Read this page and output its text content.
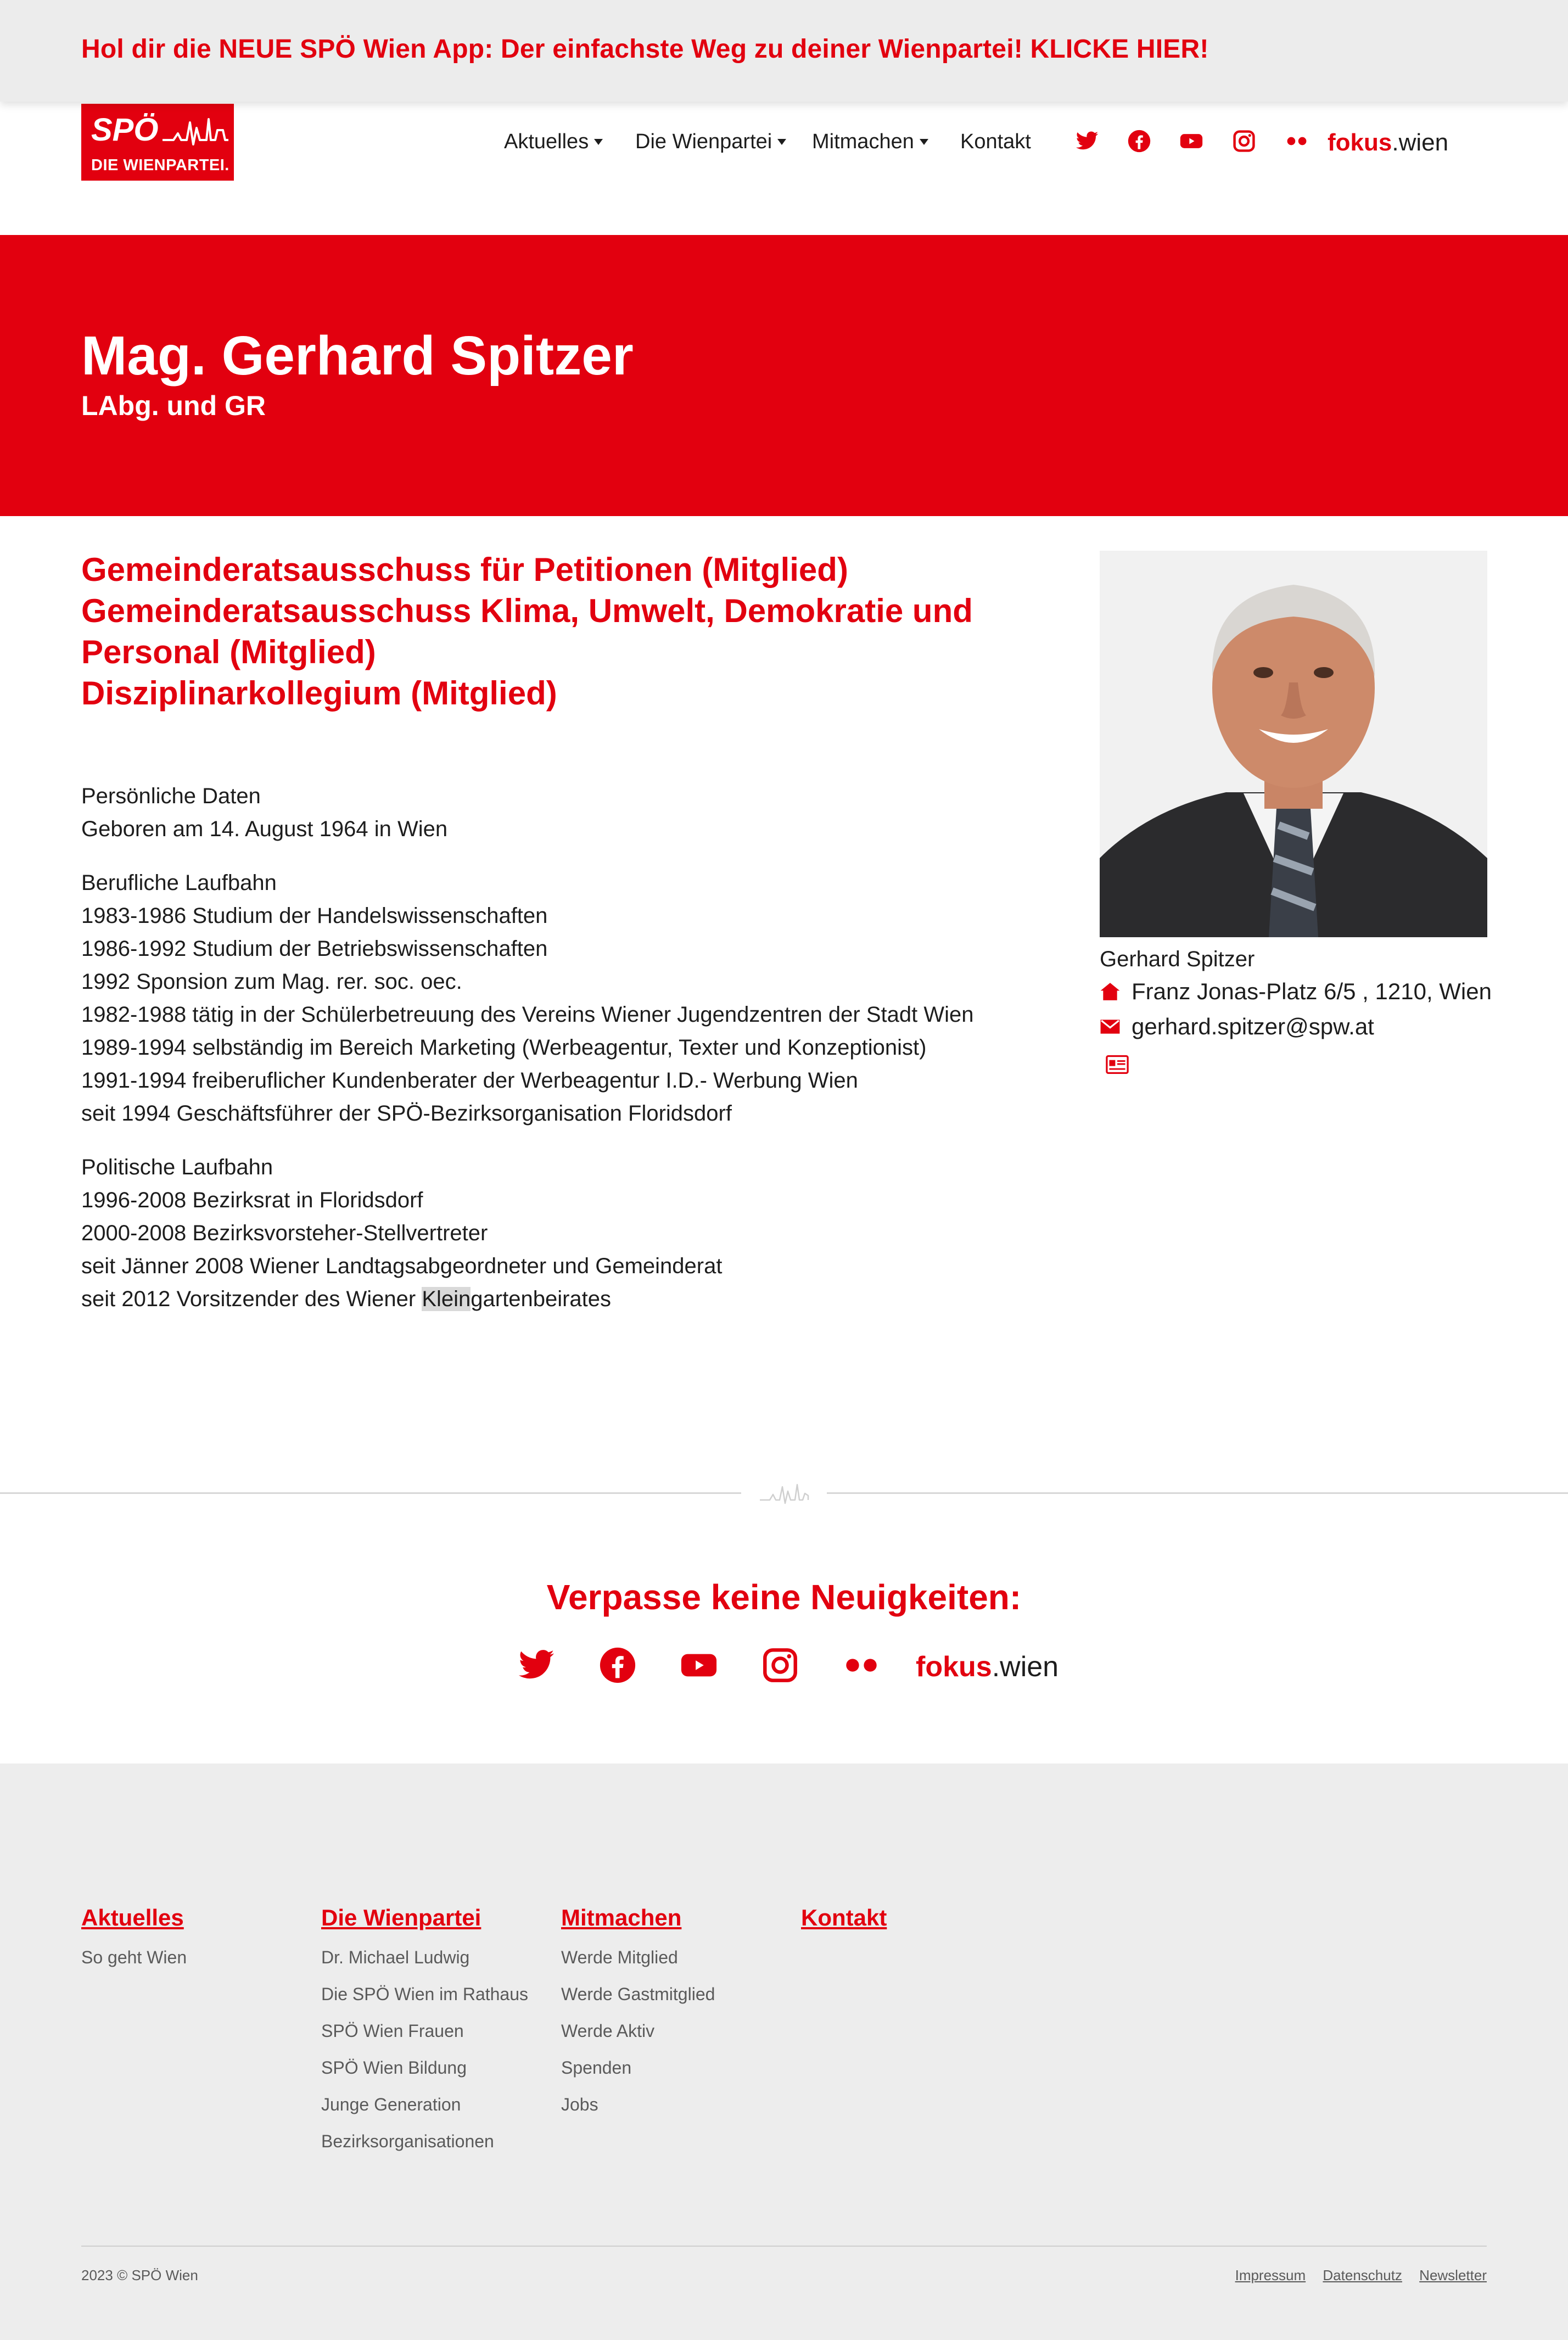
Hol dir die NEUE SPÖ Wien App: Der einfachste Weg zu deiner Wienpartei! KLICKE HIER!
SPÖ
DIE WIENPARTEI.
Aktuelles Die Wienpartei Mitmachen Kontakt	fokus.wien
Mag. Gerhard Spitzer
LAbg. und GR
Gemeinderatsausschuss für Petitionen (Mitglied)
Gemeinderatsausschuss Klima, Umwelt, Demokratie und
Personal (Mitglied)
Disziplinarkollegium (Mitglied)
Persönliche Daten
Geboren am 14. August 1964 in Wien
Berufliche Laufbahn
1983-1986 Studium der Handelswissenschaften
1986-1992 Studium der Betriebswissenschaften
1992 Sponsion zum Mag. rer. soc. oec.
1982-1988 tätig in der Schülerbetreuung des Vereins Wiener Jugendzentren der Stadt Wien
1989-1994 selbständig im Bereich Marketing (Werbeagentur, Texter und Konzeptionist)
1991-1994 freiberuflicher Kundenberater der Werbeagentur I.D.- Werbung Wien
seit 1994 Geschäftsführer der SPÖ-Bezirksorganisation Floridsdorf
Politische Laufbahn
1996-2008 Bezirksrat in Floridsdorf
2000-2008 Bezirksvorsteher-Stellvertreter
seit Jänner 2008 Wiener Landtagsabgeordneter und Gemeinderat
seit 2012 Vorsitzender des Wiener Kleingartenbeirates
Gerhard Spitzer
Franz Jonas-Platz 6/5 , 1210, Wien
gerhard.spitzer@spw.at
Verpasse keine Neuigkeiten:
fokus.wien
Aktuelles
So geht Wien
Die Wienpartei
Dr. Michael Ludwig
Die SPÖ Wien im Rathaus
SPÖ Wien Frauen
SPÖ Wien Bildung
Junge Generation
Bezirksorganisationen
Mitmachen
Werde Mitglied
Werde Gastmitglied
Werde Aktiv
Spenden
Jobs
Kontakt
2023 © SPÖ Wien	Impressum Datenschutz Newsletter
